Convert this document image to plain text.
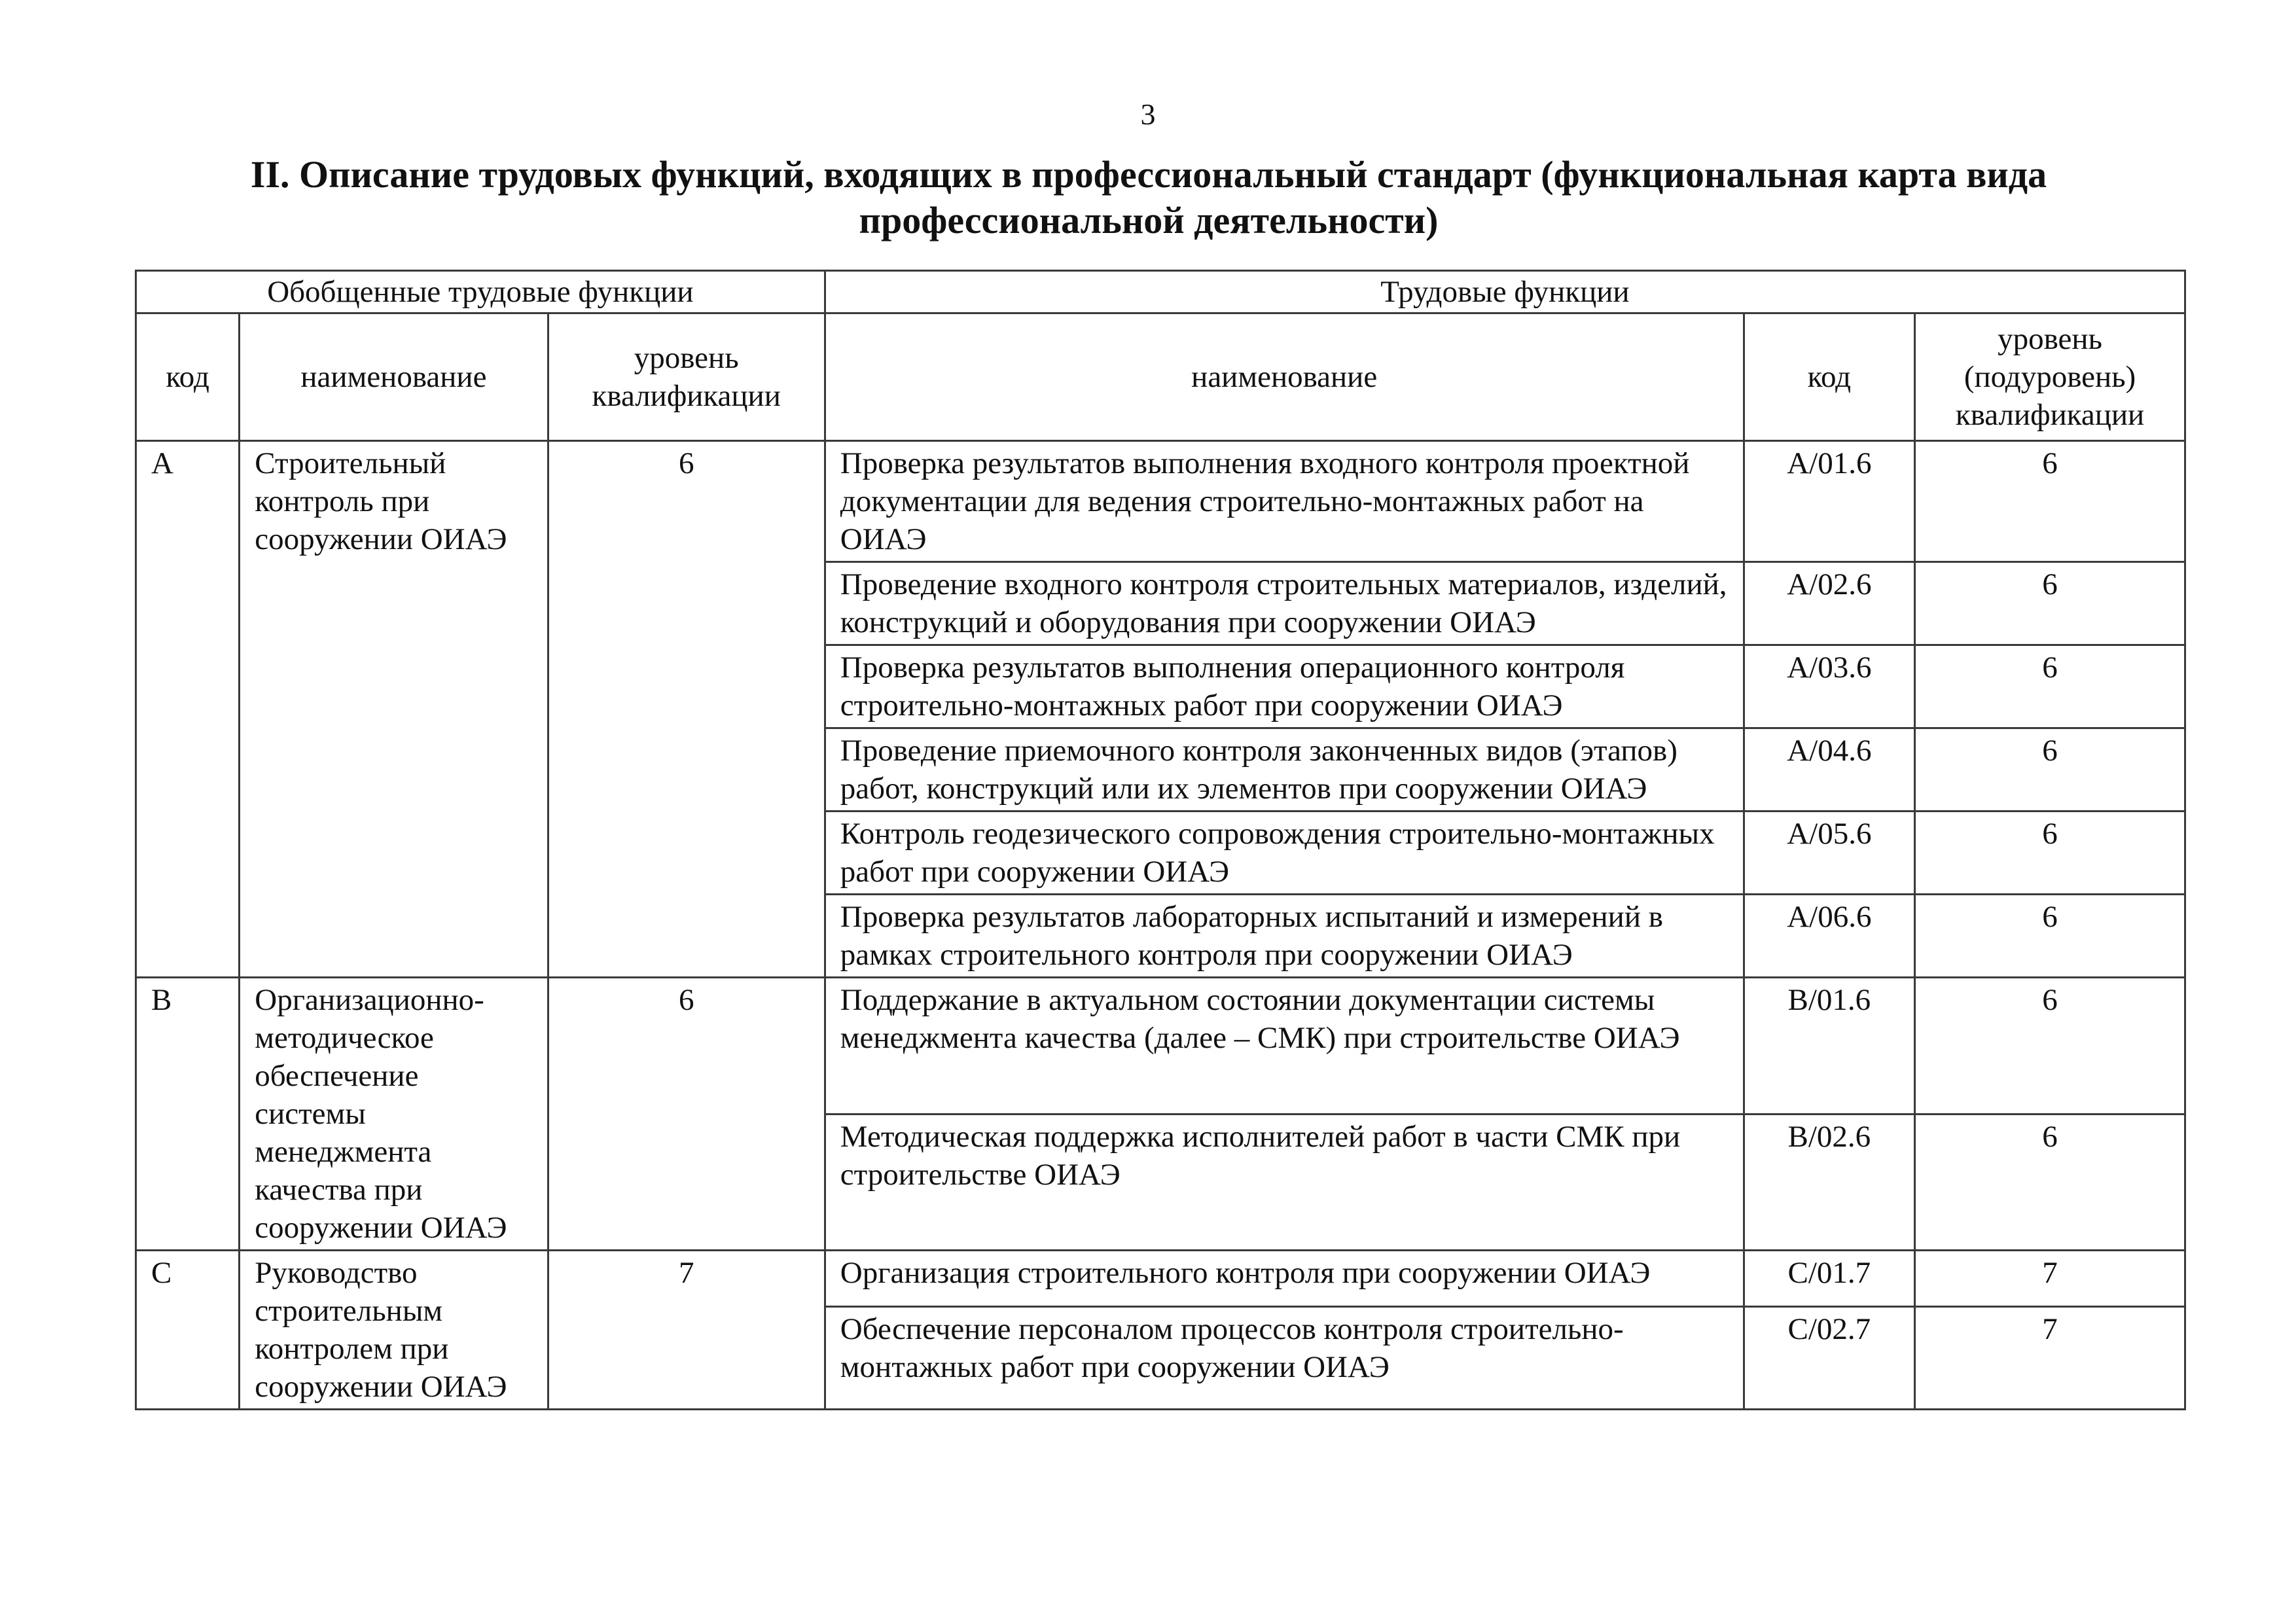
3
II. Описание трудовых функций, входящих в профессиональный стандарт (функциональная карта вида профессиональной деятельности)
Обобщенные трудовые функции			Трудовые функции		
код	наименование	уровень квалификации	наименование	код	уровень (подуровень) квалификации
A	Строительный контроль при сооружении ОИАЭ	6	Проверка результатов выполнения входного контроля проектной документации для ведения строительно-монтажных работ на ОИАЭ	A/01.6	6
			Проведение входного контроля строительных материалов, изделий, конструкций и оборудования при сооружении ОИАЭ	A/02.6	6
			Проверка результатов выполнения операционного контроля строительно-монтажных работ при сооружении ОИАЭ	A/03.6	6
			Проведение приемочного контроля законченных видов (этапов) работ, конструкций или их элементов при сооружении ОИАЭ	A/04.6	6
			Контроль геодезического сопровождения строительно-монтажных работ при сооружении ОИАЭ	A/05.6	6
			Проверка результатов лабораторных испытаний и измерений в рамках строительного контроля при сооружении ОИАЭ	A/06.6	6
B	Организационно-методическое обеспечение системы менеджмента качества при сооружении ОИАЭ	6	Поддержание в актуальном состоянии документации системы менеджмента качества (далее – СМК) при строительстве ОИАЭ	B/01.6	6
			Методическая поддержка исполнителей работ в части СМК при строительстве ОИАЭ	B/02.6	6
C	Руководство строительным контролем при сооружении ОИАЭ	7	Организация строительного контроля при сооружении ОИАЭ	C/01.7	7
			Обеспечение персоналом процессов контроля строительно-монтажных работ при сооружении ОИАЭ	C/02.7	7
